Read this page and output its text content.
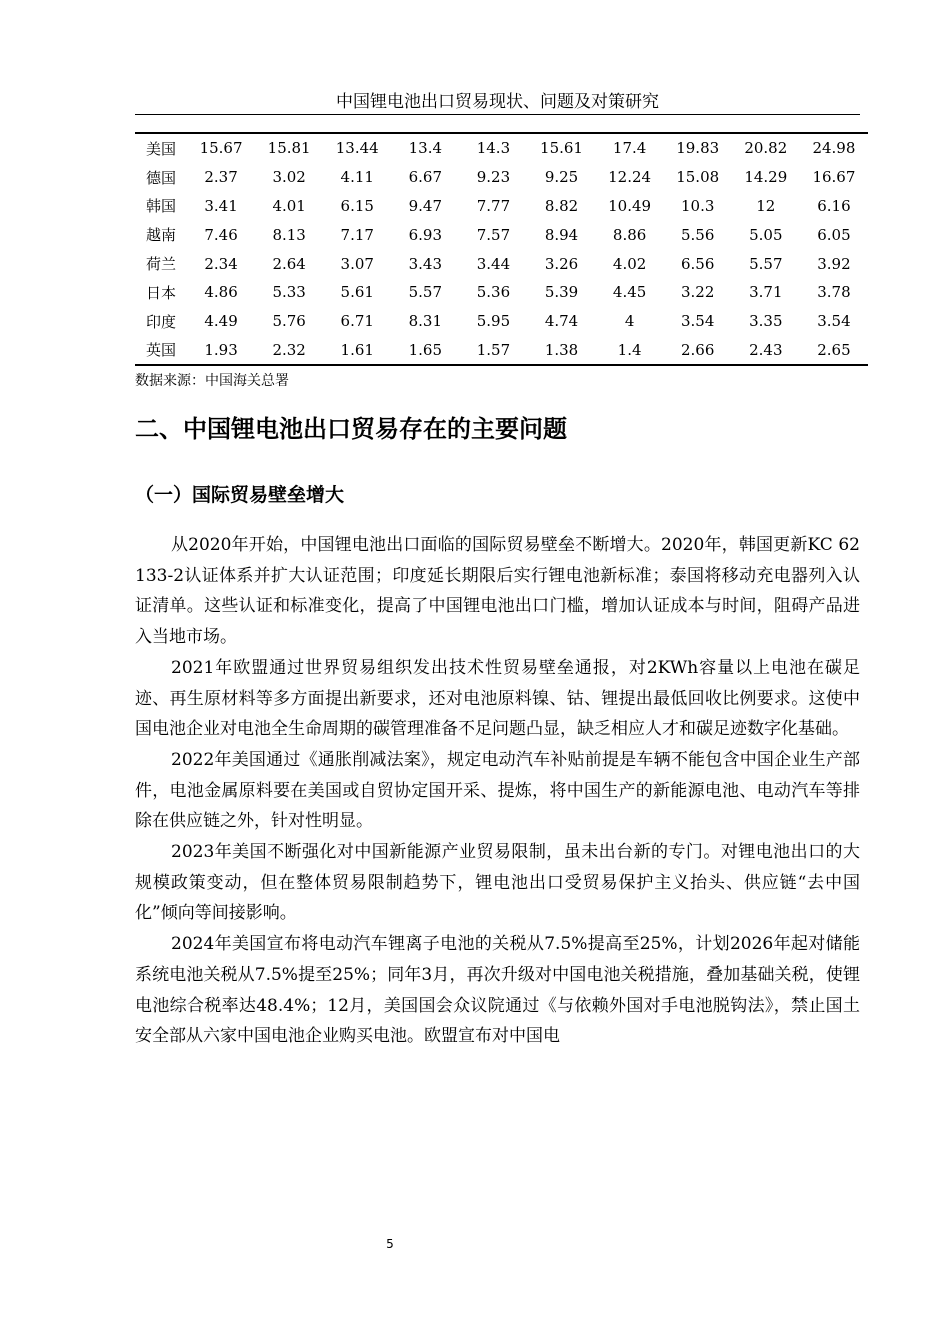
中国锂电池出口贸易现状、问题及对策研究
美国	15.67	15.81	13.44	13.4	14.3	15.61	17.4	19.83	20.82	24.98
德国	2.37	3.02	4.11	6.67	9.23	9.25	12.24	15.08	14.29	16.67
韩国	3.41	4.01	6.15	9.47	7.77	8.82	10.49	10.3	12	6.16
越南	7.46	8.13	7.17	6.93	7.57	8.94	8.86	5.56	5.05	6.05
荷兰	2.34	2.64	3.07	3.43	3.44	3.26	4.02	6.56	5.57	3.92
日本	4.86	5.33	5.61	5.57	5.36	5.39	4.45	3.22	3.71	3.78
印度	4.49	5.76	6.71	8.31	5.95	4.74	4	3.54	3.35	3.54
英国	1.93	2.32	1.61	1.65	1.57	1.38	1.4	2.66	2.43	2.65
数据来源：中国海关总署
二、中国锂电池出口贸易存在的主要问题
（一）国际贸易壁垒增大

从2020年开始，中国锂电池出口面临的国际贸易壁垒不断增大。2020年，韩国更新KC 62133-2认证体系并扩大认证范围；印度延长期限后实行锂电池新标准；泰国将移动充电器列入认证清单。这些认证和标准变化，提高了中国锂电池出口门槛，增加认证成本与时间，阻碍产品进入当地市场。

2021年欧盟通过世界贸易组织发出技术性贸易壁垒通报，对2KWh容量以上电池在碳足迹、再生原材料等多方面提出新要求，还对电池原料镍、钴、锂提出最低回收比例要求。这使中国电池企业对电池全生命周期的碳管理准备不足问题凸显，缺乏相应人才和碳足迹数字化基础。

2022年美国通过《通胀削减法案》，规定电动汽车补贴前提是车辆不能包含中国企业生产部件，电池金属原料要在美国或自贸协定国开采、提炼，将中国生产的新能源电池、电动汽车等排除在供应链之外，针对性明显。

2023年美国不断强化对中国新能源产业贸易限制，虽未出台新的专门。对锂电池出口的大规模政策变动，但在整体贸易限制趋势下，锂电池出口受贸易保护主义抬头、供应链“去中国化”倾向等间接影响。

2024年美国宣布将电动汽车锂离子电池的关税从7.5%提高至25%，计划2026年起对储能系统电池关税从7.5%提至25%；同年3月，再次升级对中国电池关税措施，叠加基础关税，使锂电池综合税率达48.4%；12月，美国国会众议院通过《与依赖外国对手电池脱钩法》，禁止国土安全部从六家中国电池企业购买电池。欧盟宣布对中国电

5
